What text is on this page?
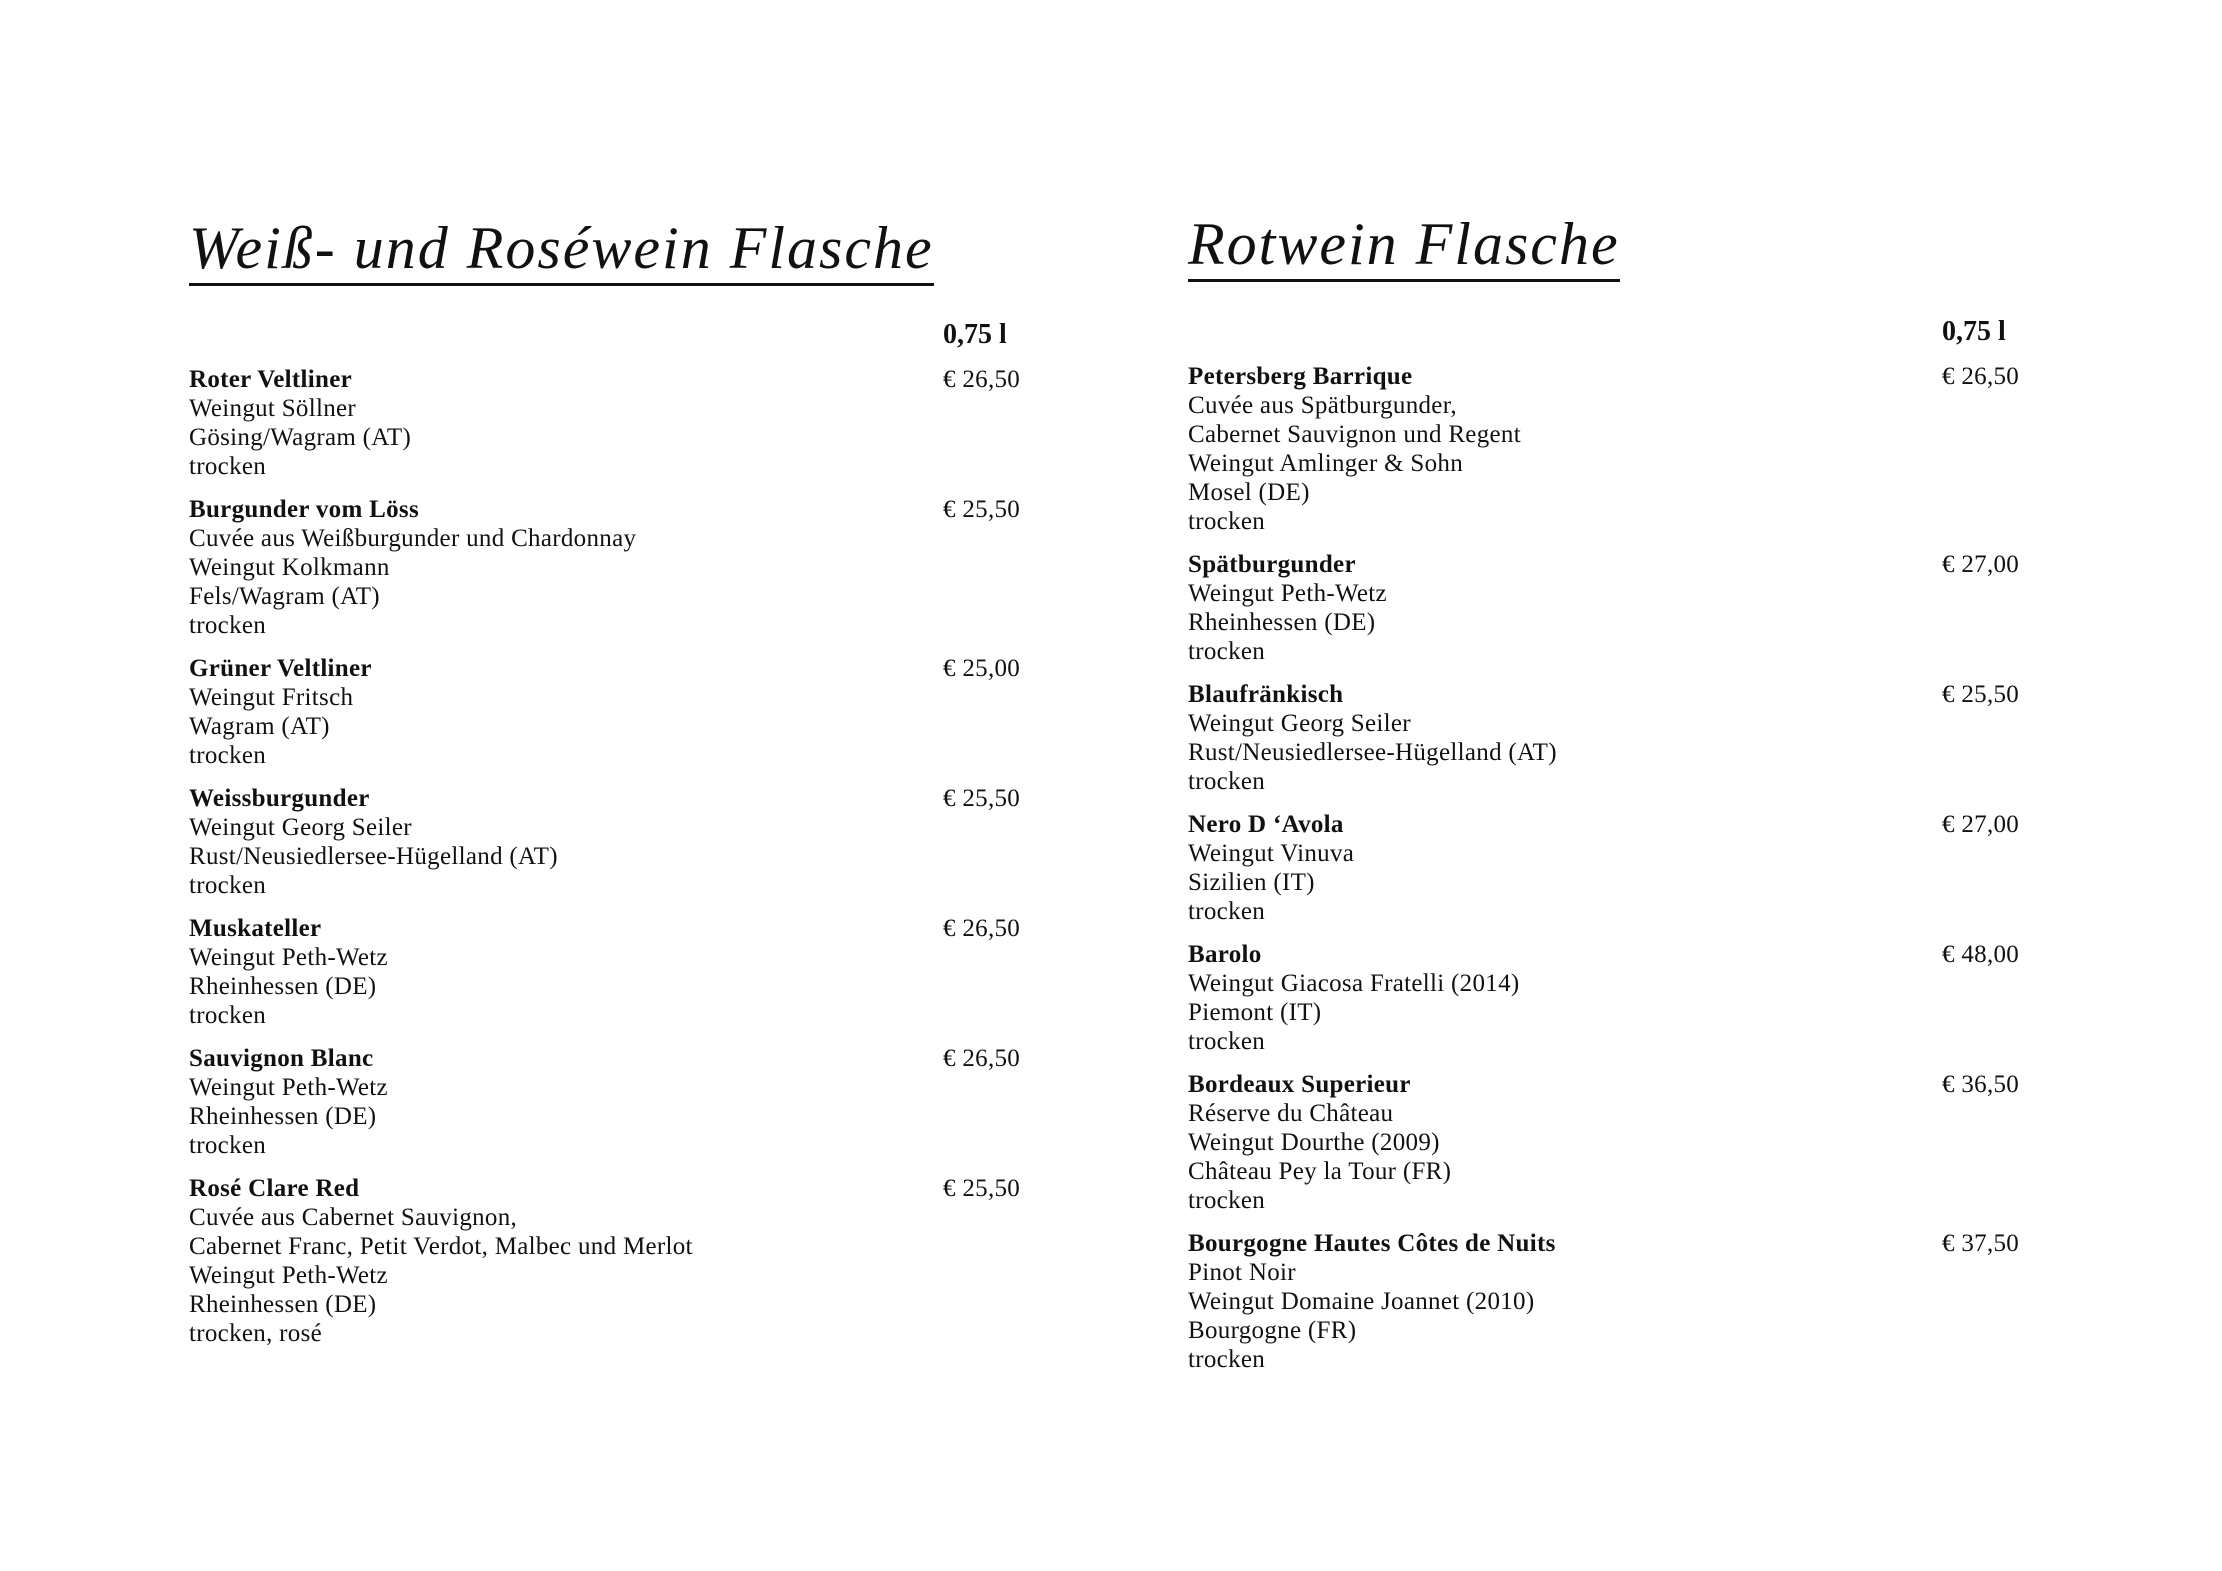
Weiß- und Roséwein Flasche
0,75 l
Roter Veltliner
Weingut Söllner
Gösing/Wagram (AT)
trocken
€ 26,50
Burgunder vom Löss
Cuvée aus Weißburgunder und Chardonnay
Weingut Kolkmann
Fels/Wagram (AT)
trocken
€ 25,50
Grüner Veltliner
Weingut Fritsch
Wagram (AT)
trocken
€ 25,00
Weissburgunder
Weingut Georg Seiler
Rust/Neusiedlersee-Hügelland (AT)
trocken
€ 25,50
Muskateller
Weingut Peth-Wetz
Rheinhessen (DE)
trocken
€ 26,50
Sauvignon Blanc
Weingut Peth-Wetz
Rheinhessen (DE)
trocken
€ 26,50
Rosé Clare Red
Cuvée aus Cabernet Sauvignon,
Cabernet Franc, Petit Verdot, Malbec und Merlot
Weingut Peth-Wetz
Rheinhessen (DE)
trocken, rosé
€ 25,50
Rotwein Flasche
0,75 l
Petersberg Barrique
Cuvée aus Spätburgunder,
Cabernet Sauvignon und Regent
Weingut Amlinger & Sohn
Mosel (DE)
trocken
€ 26,50
Spätburgunder
Weingut Peth-Wetz
Rheinhessen (DE)
trocken
€ 27,00
Blaufränkisch
Weingut Georg Seiler
Rust/Neusiedlersee-Hügelland (AT)
trocken
€ 25,50
Nero D ‘Avola
Weingut Vinuva
Sizilien (IT)
trocken
€ 27,00
Barolo
Weingut Giacosa Fratelli (2014)
Piemont (IT)
trocken
€ 48,00
Bordeaux Superieur
Réserve du Château
Weingut Dourthe (2009)
Château Pey la Tour (FR)
trocken
€ 36,50
Bourgogne Hautes Côtes de Nuits
Pinot Noir
Weingut Domaine Joannet (2010)
Bourgogne (FR)
trocken
€ 37,50
